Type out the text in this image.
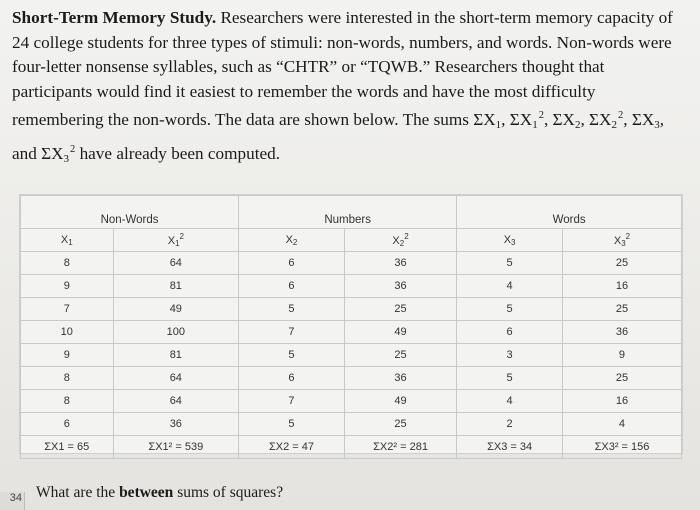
Short-Term Memory Study. Researchers were interested in the short-term memory capacity of 24 college students for three types of stimuli: non-words, numbers, and words. Non-words were four-letter nonsense syllables, such as “CHTR” or “TQWB.” Researchers thought that participants would find it easiest to remember the words and have the most difficulty remembering the non-words. The data are shown below. The sums $\Sigma X_1$, $\Sigma X_1^2$, $\Sigma X_2$, $\Sigma X_2^2$, $\Sigma X_3$, and $\Sigma X_3^2$ have already been computed.
Non-Words		Numbers		Words	
X1	$X1^2$	X2	$X2^2$	X3	$X3^2$
8	64	6	36	5	25
9	81	6	36	4	16
7	49	5	25	5	25
10	100	7	49	6	36
9	81	5	25	3	9
8	64	6	36	5	25
8	64	7	49	4	16
6	36	5	25	2	4
ΣX1 = 65	ΣX1² = 539	ΣX2 = 47	ΣX2² = 281	ΣX3 = 34	ΣX3² = 156
What are the between sums of squares?
34
